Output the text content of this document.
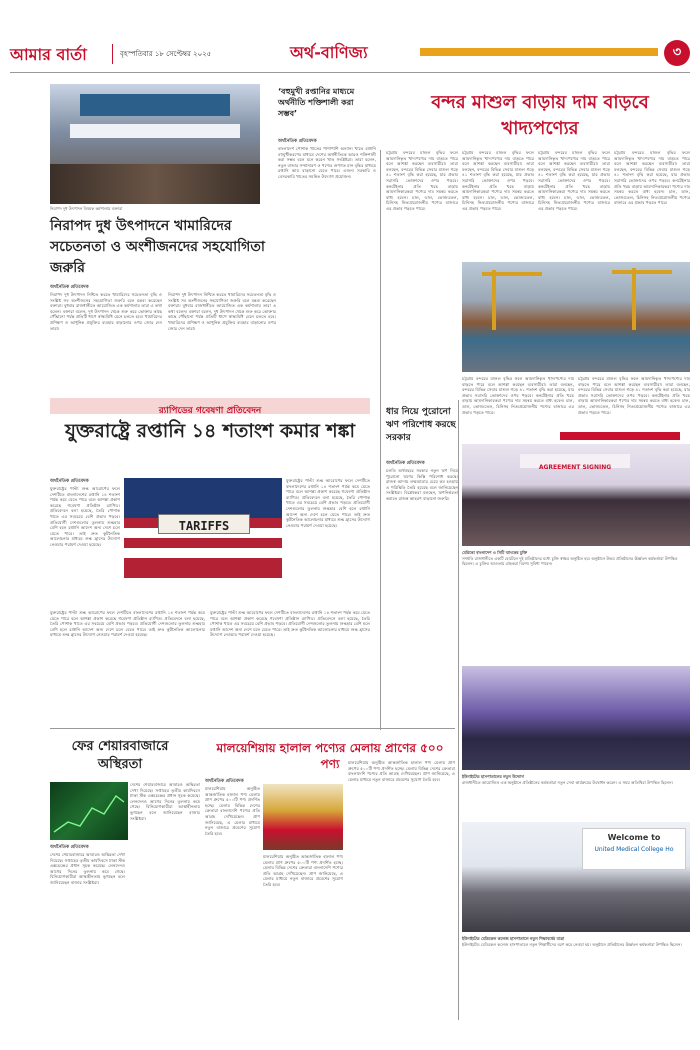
আমার বার্তা	বৃহস্পতিবার ১৮ সেপ্টেম্বর ২০২৫	অর্থ-বাণিজ্য	৩
নিরাপদ দুধ উৎপাদন বিষয়ক কর্মশালায় বক্তারা
‘বহুমুখী রপ্তানির মাধ্যমে অর্থনীতি শক্তিশালী করা সম্ভব’
অর্থনৈতিক প্রতিবেদক
বাংলাদেশ পোশাক খাতের পাশাপাশি অন্যান্য খাতে রপ্তানি বহুমুখীকরণের মাধ্যমে দেশের অর্থনীতিকে আরও শক্তিশালী করা সম্ভব বলে মনে করেন খাত সংশ্লিষ্টরা। তারা বলেন, নতুন বাজার সম্প্রসারণ ও পণ্যের গুণগত মান বৃদ্ধির মাধ্যমে রপ্তানি আয় বাড়ানো যেতে পারে। এজন্য সরকারি ও বেসরকারি খাতের সমন্বিত উদ্যোগ প্রয়োজন।
নিরাপদ দুধ উৎপাদনে খামারিদের সচেতনতা ও অংশীজনদের সহযোগিতা জরুরি
অর্থনৈতিক প্রতিবেদক
নিরাপদ দুধ উৎপাদন নিশ্চিত করতে খামারিদের সচেতনতা বৃদ্ধি ও সংশ্লিষ্ট সব অংশীজনের সহযোগিতা জরুরি বলে মন্তব্য করেছেন বক্তারা। বুধবার রাজধানীতে আয়োজিত এক কর্মশালায় তারা এ কথা বলেন। বক্তারা বলেন, দুধ উৎপাদন থেকে শুরু করে ভোক্তার কাছে পৌঁছানো পর্যন্ত প্রতিটি ধাপে স্বাস্থ্যবিধি মেনে চলতে হবে। খামারিদের প্রশিক্ষণ ও আধুনিক প্রযুক্তির ব্যবহার বাড়ানোর ওপর জোর দেন তারা।
নিরাপদ দুধ উৎপাদন নিশ্চিত করতে খামারিদের সচেতনতা বৃদ্ধি ও সংশ্লিষ্ট সব অংশীজনের সহযোগিতা জরুরি বলে মন্তব্য করেছেন বক্তারা। বুধবার রাজধানীতে আয়োজিত এক কর্মশালায় তারা এ কথা বলেন। বক্তারা বলেন, দুধ উৎপাদন থেকে শুরু করে ভোক্তার কাছে পৌঁছানো পর্যন্ত প্রতিটি ধাপে স্বাস্থ্যবিধি মেনে চলতে হবে। খামারিদের প্রশিক্ষণ ও আধুনিক প্রযুক্তির ব্যবহার বাড়ানোর ওপর জোর দেন তারা।
বন্দর মাশুল বাড়ায় দাম বাড়বে খাদ্যপণ্যের
চট্টগ্রাম বন্দরের মাশুল বৃদ্ধির ফলে আমদানিকৃত খাদ্যপণ্যের দাম বাড়তে পারে বলে আশঙ্কা করছেন ব্যবসায়ীরা। তারা বলছেন, বন্দরের বিভিন্ন সেবার মাশুল গড়ে ৪১ শতাংশ বৃদ্ধি করা হয়েছে, যার প্রভাব সরাসরি ভোক্তাদের ওপর পড়বে। কনটেইনার প্রতি খরচ বাড়ায় আমদানিকারকরা পণ্যের দাম সমন্বয় করতে বাধ্য হবেন। চাল, ডাল, ভোজ্যতেল, চিনিসহ নিত্যপ্রয়োজনীয় পণ্যের বাজারে এর প্রভাব পড়তে পারে।
চট্টগ্রাম বন্দরের মাশুল বৃদ্ধির ফলে আমদানিকৃত খাদ্যপণ্যের দাম বাড়তে পারে বলে আশঙ্কা করছেন ব্যবসায়ীরা। তারা বলছেন, বন্দরের বিভিন্ন সেবার মাশুল গড়ে ৪১ শতাংশ বৃদ্ধি করা হয়েছে, যার প্রভাব সরাসরি ভোক্তাদের ওপর পড়বে। কনটেইনার প্রতি খরচ বাড়ায় আমদানিকারকরা পণ্যের দাম সমন্বয় করতে বাধ্য হবেন। চাল, ডাল, ভোজ্যতেল, চিনিসহ নিত্যপ্রয়োজনীয় পণ্যের বাজারে এর প্রভাব পড়তে পারে।
চট্টগ্রাম বন্দরের মাশুল বৃদ্ধির ফলে আমদানিকৃত খাদ্যপণ্যের দাম বাড়তে পারে বলে আশঙ্কা করছেন ব্যবসায়ীরা। তারা বলছেন, বন্দরের বিভিন্ন সেবার মাশুল গড়ে ৪১ শতাংশ বৃদ্ধি করা হয়েছে, যার প্রভাব সরাসরি ভোক্তাদের ওপর পড়বে। কনটেইনার প্রতি খরচ বাড়ায় আমদানিকারকরা পণ্যের দাম সমন্বয় করতে বাধ্য হবেন। চাল, ডাল, ভোজ্যতেল, চিনিসহ নিত্যপ্রয়োজনীয় পণ্যের বাজারে এর প্রভাব পড়তে পারে।
চট্টগ্রাম বন্দরের মাশুল বৃদ্ধির ফলে আমদানিকৃত খাদ্যপণ্যের দাম বাড়তে পারে বলে আশঙ্কা করছেন ব্যবসায়ীরা। তারা বলছেন, বন্দরের বিভিন্ন সেবার মাশুল গড়ে ৪১ শতাংশ বৃদ্ধি করা হয়েছে, যার প্রভাব সরাসরি ভোক্তাদের ওপর পড়বে। কনটেইনার প্রতি খরচ বাড়ায় আমদানিকারকরা পণ্যের দাম সমন্বয় করতে বাধ্য হবেন। চাল, ডাল, ভোজ্যতেল, চিনিসহ নিত্যপ্রয়োজনীয় পণ্যের বাজারে এর প্রভাব পড়তে পারে।
চট্টগ্রাম বন্দরের মাশুল বৃদ্ধির ফলে আমদানিকৃত খাদ্যপণ্যের দাম বাড়তে পারে বলে আশঙ্কা করছেন ব্যবসায়ীরা। তারা বলছেন, বন্দরের বিভিন্ন সেবার মাশুল গড়ে ৪১ শতাংশ বৃদ্ধি করা হয়েছে, যার প্রভাব সরাসরি ভোক্তাদের ওপর পড়বে। কনটেইনার প্রতি খরচ বাড়ায় আমদানিকারকরা পণ্যের দাম সমন্বয় করতে বাধ্য হবেন। চাল, ডাল, ভোজ্যতেল, চিনিসহ নিত্যপ্রয়োজনীয় পণ্যের বাজারে এর প্রভাব পড়তে পারে।
চট্টগ্রাম বন্দরের মাশুল বৃদ্ধির ফলে আমদানিকৃত খাদ্যপণ্যের দাম বাড়তে পারে বলে আশঙ্কা করছেন ব্যবসায়ীরা। তারা বলছেন, বন্দরের বিভিন্ন সেবার মাশুল গড়ে ৪১ শতাংশ বৃদ্ধি করা হয়েছে, যার প্রভাব সরাসরি ভোক্তাদের ওপর পড়বে। কনটেইনার প্রতি খরচ বাড়ায় আমদানিকারকরা পণ্যের দাম সমন্বয় করতে বাধ্য হবেন। চাল, ডাল, ভোজ্যতেল, চিনিসহ নিত্যপ্রয়োজনীয় পণ্যের বাজারে এর প্রভাব পড়তে পারে।
র‍্যাপিডের গবেষণা প্রতিবেদন
যুক্তরাষ্ট্রে রপ্তানি ১৪ শতাংশ কমার শঙ্কা
অর্থনৈতিক প্রতিবেদক
যুক্তরাষ্ট্রের পাল্টা শুল্ক আরোপের ফলে দেশটিতে বাংলাদেশের রপ্তানি ১৪ শতাংশ পর্যন্ত কমে যেতে পারে বলে আশঙ্কা প্রকাশ করেছে গবেষণা প্রতিষ্ঠান র‍্যাপিড। প্রতিবেদনে বলা হয়েছে, তৈরি পোশাক খাতে এর সবচেয়ে বেশি প্রভাব পড়বে। প্রতিযোগী দেশগুলোর তুলনায় শুল্কহার বেশি হলে রপ্তানি আদেশ অন্য দেশে চলে যেতে পারে। তাই দ্রুত কূটনৈতিক আলোচনার মাধ্যমে শুল্ক হ্রাসের উদ্যোগ নেওয়ার পরামর্শ দেওয়া হয়েছে।
TARIFFS
যুক্তরাষ্ট্রের পাল্টা শুল্ক আরোপের ফলে দেশটিতে বাংলাদেশের রপ্তানি ১৪ শতাংশ পর্যন্ত কমে যেতে পারে বলে আশঙ্কা প্রকাশ করেছে গবেষণা প্রতিষ্ঠান র‍্যাপিড। প্রতিবেদনে বলা হয়েছে, তৈরি পোশাক খাতে এর সবচেয়ে বেশি প্রভাব পড়বে। প্রতিযোগী দেশগুলোর তুলনায় শুল্কহার বেশি হলে রপ্তানি আদেশ অন্য দেশে চলে যেতে পারে। তাই দ্রুত কূটনৈতিক আলোচনার মাধ্যমে শুল্ক হ্রাসের উদ্যোগ নেওয়ার পরামর্শ দেওয়া হয়েছে।
যুক্তরাষ্ট্রের পাল্টা শুল্ক আরোপের ফলে দেশটিতে বাংলাদেশের রপ্তানি ১৪ শতাংশ পর্যন্ত কমে যেতে পারে বলে আশঙ্কা প্রকাশ করেছে গবেষণা প্রতিষ্ঠান র‍্যাপিড। প্রতিবেদনে বলা হয়েছে, তৈরি পোশাক খাতে এর সবচেয়ে বেশি প্রভাব পড়বে। প্রতিযোগী দেশগুলোর তুলনায় শুল্কহার বেশি হলে রপ্তানি আদেশ অন্য দেশে চলে যেতে পারে। তাই দ্রুত কূটনৈতিক আলোচনার মাধ্যমে শুল্ক হ্রাসের উদ্যোগ নেওয়ার পরামর্শ দেওয়া হয়েছে।
যুক্তরাষ্ট্রের পাল্টা শুল্ক আরোপের ফলে দেশটিতে বাংলাদেশের রপ্তানি ১৪ শতাংশ পর্যন্ত কমে যেতে পারে বলে আশঙ্কা প্রকাশ করেছে গবেষণা প্রতিষ্ঠান র‍্যাপিড। প্রতিবেদনে বলা হয়েছে, তৈরি পোশাক খাতে এর সবচেয়ে বেশি প্রভাব পড়বে। প্রতিযোগী দেশগুলোর তুলনায় শুল্কহার বেশি হলে রপ্তানি আদেশ অন্য দেশে চলে যেতে পারে। তাই দ্রুত কূটনৈতিক আলোচনার মাধ্যমে শুল্ক হ্রাসের উদ্যোগ নেওয়ার পরামর্শ দেওয়া হয়েছে।
ধার নিয়ে পুরোনো ঋণ পরিশোধ করছে সরকার
অর্থনৈতিক প্রতিবেদক
চলতি অর্থবছরে সরকার নতুন ঋণ নিয়ে পুরোনো ঋণের কিস্তি পরিশোধ করছে। রাজস্ব আদায় লক্ষ্যমাত্রার চেয়ে কম হওয়ায় এ পরিস্থিতি তৈরি হয়েছে বলে জানিয়েছেন সংশ্লিষ্টরা। বিশ্লেষকরা বলছেন, ঋণনির্ভরতা কমাতে রাজস্ব আহরণ বাড়ানো জরুরি।
AGREEMENT SIGNING
মেরিকো বাংলাদেশ ও সিটি ব্যাংকের চুক্তি
সম্প্রতি রাজধানীতে একটি হোটেলে দুই প্রতিষ্ঠানের মধ্যে চুক্তি স্বাক্ষর অনুষ্ঠিত হয়। অনুষ্ঠানে উভয় প্রতিষ্ঠানের ঊর্ধ্বতন কর্মকর্তারা উপস্থিত ছিলেন। এ চুক্তির আওতায় গ্রাহকরা বিশেষ সুবিধা পাবেন।
ইউনাইটেড হাসপাতালের নতুন উদ্যোগ
রাজধানীতে আয়োজিত এক অনুষ্ঠানে প্রতিষ্ঠানের কর্মকর্তারা নতুন সেবা কার্যক্রমের উদ্বোধন করেন। এ সময় অতিথিরা উপস্থিত ছিলেন।
Welcome to
United Medical College Ho
ইউনাইটেড মেডিকেল কলেজ হাসপাতালে নতুন শিক্ষাবর্ষের যাত্রা
ইউনাইটেড মেডিকেল কলেজ হাসপাতালে নতুন শিক্ষার্থীদের বরণ করে নেওয়া হয়। অনুষ্ঠানে প্রতিষ্ঠানের ঊর্ধ্বতন কর্মকর্তারা উপস্থিত ছিলেন।
ফের শেয়ারবাজারে অস্থিরতা
অর্থনৈতিক প্রতিবেদক
দেশের শেয়ারবাজারে আবারও অস্থিরতা দেখা দিয়েছে। সপ্তাহের তৃতীয় কার্যদিবসে ঢাকা স্টক এক্সচেঞ্জের প্রধান সূচক কমেছে। লেনদেনও আগের দিনের তুলনায় কমে গেছে। বিনিয়োগকারীরা আস্থাহীনতায় ভুগছেন বলে জানিয়েছেন বাজার সংশ্লিষ্টরা।
দেশের শেয়ারবাজারে আবারও অস্থিরতা দেখা দিয়েছে। সপ্তাহের তৃতীয় কার্যদিবসে ঢাকা স্টক এক্সচেঞ্জের প্রধান সূচক কমেছে। লেনদেনও আগের দিনের তুলনায় কমে গেছে। বিনিয়োগকারীরা আস্থাহীনতায় ভুগছেন বলে জানিয়েছেন বাজার সংশ্লিষ্টরা।
মালয়েশিয়ায় হালাল পণ্যের মেলায় প্রাণের ৫০০ পণ্য
অর্থনৈতিক প্রতিবেদক
মালয়েশিয়ায় অনুষ্ঠিত আন্তর্জাতিক হালাল পণ্য মেলায় প্রাণ গ্রুপের ৫০০টি পণ্য প্রদর্শিত হচ্ছে। মেলায় বিভিন্ন দেশের ক্রেতারা বাংলাদেশি পণ্যের প্রতি আগ্রহ দেখিয়েছেন। প্রাণ জানিয়েছে, এ মেলার মাধ্যমে নতুন বাজারে প্রবেশের সুযোগ তৈরি হবে।
মালয়েশিয়ায় অনুষ্ঠিত আন্তর্জাতিক হালাল পণ্য মেলায় প্রাণ গ্রুপের ৫০০টি পণ্য প্রদর্শিত হচ্ছে। মেলায় বিভিন্ন দেশের ক্রেতারা বাংলাদেশি পণ্যের প্রতি আগ্রহ দেখিয়েছেন। প্রাণ জানিয়েছে, এ মেলার মাধ্যমে নতুন বাজারে প্রবেশের সুযোগ তৈরি হবে।
মালয়েশিয়ায় অনুষ্ঠিত আন্তর্জাতিক হালাল পণ্য মেলায় প্রাণ গ্রুপের ৫০০টি পণ্য প্রদর্শিত হচ্ছে। মেলায় বিভিন্ন দেশের ক্রেতারা বাংলাদেশি পণ্যের প্রতি আগ্রহ দেখিয়েছেন। প্রাণ জানিয়েছে, এ মেলার মাধ্যমে নতুন বাজারে প্রবেশের সুযোগ তৈরি হবে।
